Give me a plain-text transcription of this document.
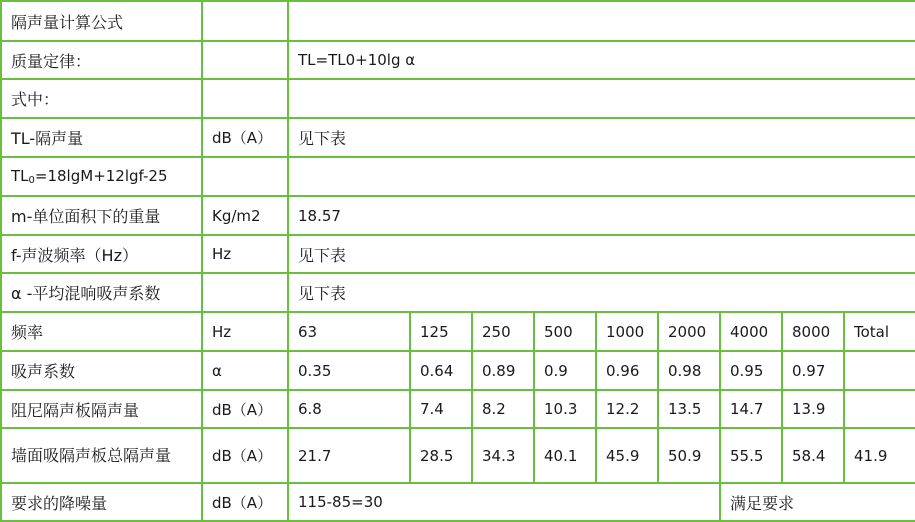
隔声量计算公式										
质量定律：		TL=TL0+10lg α								
式中：										
TL-隔声量	dB（A）	见下表								
$TL_0=18\lg M+12\lg f-25$										
m-单位面积下的重量	Kg/m2	18.57								
f-声波频率（Hz）	Hz	见下表								
α -平均混响吸声系数		见下表								
频率	Hz	63	125	250	500	1000	2000	4000	8000	Total
吸声系数	α	0.35	0.64	0.89	0.9	0.96	0.98	0.95	0.97	
阻尼隔声板隔声量	dB（A）	6.8	7.4	8.2	10.3	12.2	13.5	14.7	13.9	
墙面吸隔声板总隔声量	dB（A）	21.7	28.5	34.3	40.1	45.9	50.9	55.5	58.4	41.9
要求的降噪量	dB（A）	115-85=30						满足要求		
